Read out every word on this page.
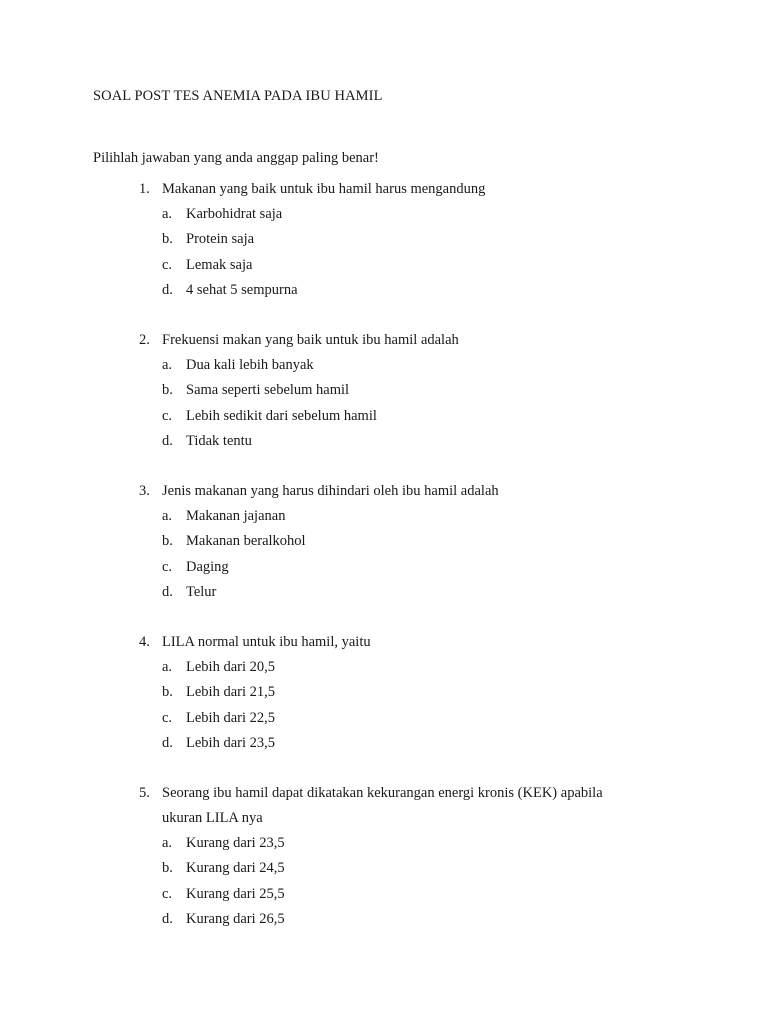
SOAL POST TES ANEMIA PADA IBU HAMIL
Pilihlah jawaban yang anda anggap paling benar!
1. Makanan yang baik untuk ibu hamil harus mengandung
a. Karbohidrat saja
b. Protein saja
c. Lemak saja
d. 4 sehat 5 sempurna
2. Frekuensi makan yang baik untuk ibu hamil adalah
a. Dua kali lebih banyak
b. Sama seperti sebelum hamil
c. Lebih sedikit dari sebelum hamil
d. Tidak tentu
3. Jenis makanan yang harus dihindari oleh ibu hamil adalah
a. Makanan jajanan
b. Makanan beralkohol
c. Daging
d. Telur
4. LILA normal untuk ibu hamil, yaitu
a. Lebih dari 20,5
b. Lebih dari 21,5
c. Lebih dari 22,5
d. Lebih dari 23,5
5. Seorang ibu hamil dapat dikatakan kekurangan energi kronis (KEK) apabila
ukuran LILA nya
a. Kurang dari 23,5
b. Kurang dari 24,5
c. Kurang dari 25,5
d. Kurang dari 26,5
